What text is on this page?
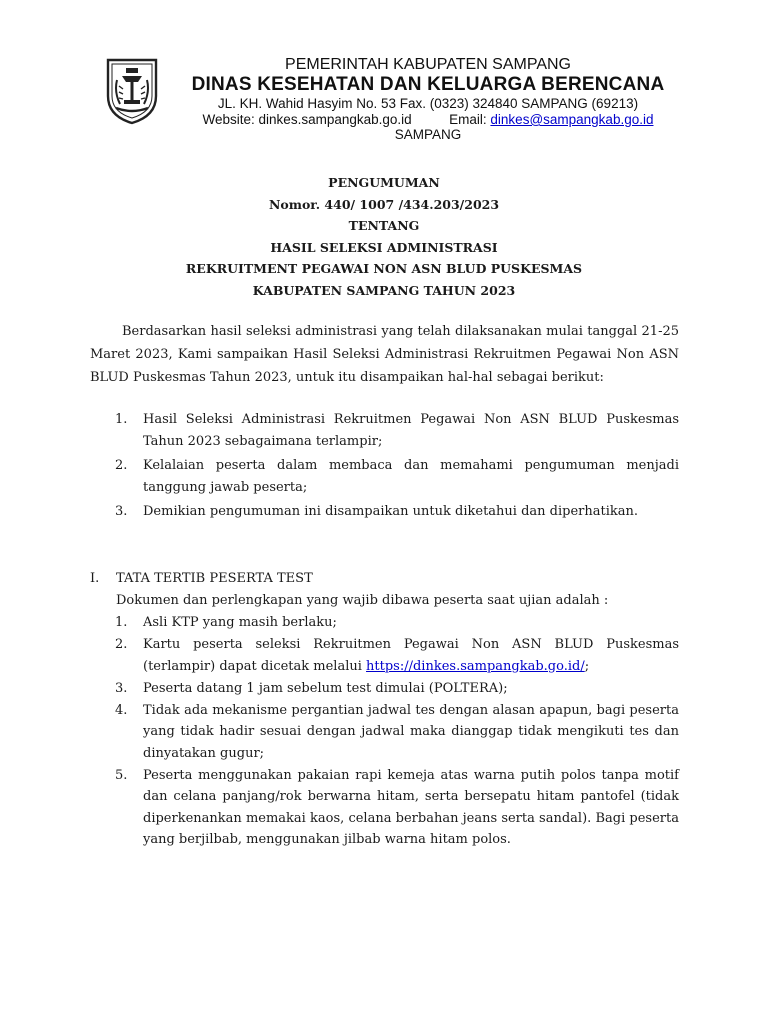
PEMERINTAH KABUPATEN SAMPANG
DINAS KESEHATAN DAN KELUARGA BERENCANA
JL. KH. Wahid Hasyim No. 53 Fax. (0323) 324840 SAMPANG (69213)
Website: dinkes.sampangkab.go.id	Email: dinkes@sampangkab.go.id
SAMPANG
PENGUMUMAN
Nomor. 440/ 1007 /434.203/2023
TENTANG
HASIL SELEKSI ADMINISTRASI
REKRUITMENT PEGAWAI NON ASN BLUD PUSKESMAS
KABUPATEN SAMPANG TAHUN 2023
Berdasarkan hasil seleksi administrasi yang telah dilaksanakan mulai tanggal 21-25 Maret 2023, Kami sampaikan Hasil Seleksi Administrasi Rekruitmen Pegawai Non ASN BLUD Puskesmas Tahun 2023, untuk itu disampaikan hal-hal sebagai berikut:
1. Hasil Seleksi Administrasi Rekruitmen Pegawai Non ASN BLUD Puskesmas Tahun 2023 sebagaimana terlampir;
2. Kelalaian peserta dalam membaca dan memahami pengumuman menjadi tanggung jawab peserta;
3. Demikian pengumuman ini disampaikan untuk diketahui dan diperhatikan.
I. TATA TERTIB PESERTA TEST
Dokumen dan perlengkapan yang wajib dibawa peserta saat ujian adalah :
1. Asli KTP yang masih berlaku;
2. Kartu peserta seleksi Rekruitmen Pegawai Non ASN BLUD Puskesmas (terlampir) dapat dicetak melalui https://dinkes.sampangkab.go.id/;
3. Peserta datang 1 jam sebelum test dimulai (POLTERA);
4. Tidak ada mekanisme pergantian jadwal tes dengan alasan apapun, bagi peserta yang tidak hadir sesuai dengan jadwal maka dianggap tidak mengikuti tes dan dinyatakan gugur;
5. Peserta menggunakan pakaian rapi kemeja atas warna putih polos tanpa motif dan celana panjang/rok berwarna hitam, serta bersepatu hitam pantofel (tidak diperkenankan memakai kaos, celana berbahan jeans serta sandal). Bagi peserta yang berjilbab, menggunakan jilbab warna hitam polos.
